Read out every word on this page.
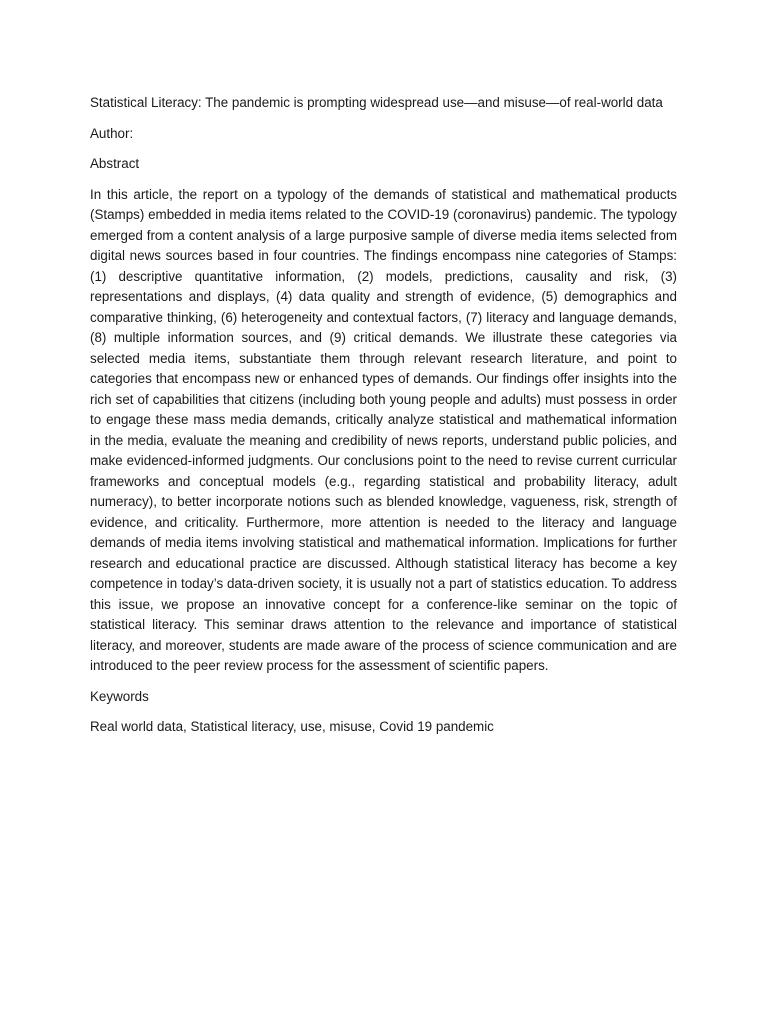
Statistical Literacy: The pandemic is prompting widespread use—and misuse—of real-world data

Author:

Abstract

In this article, the report on a typology of the demands of statistical and mathematical products (Stamps) embedded in media items related to the COVID-19 (coronavirus) pandemic. The typology emerged from a content analysis of a large purposive sample of diverse media items selected from digital news sources based in four countries. The findings encompass nine categories of Stamps: (1) descriptive quantitative information, (2) models, predictions, causality and risk, (3) representations and displays, (4) data quality and strength of evidence, (5) demographics and comparative thinking, (6) heterogeneity and contextual factors, (7) literacy and language demands, (8) multiple information sources, and (9) critical demands. We illustrate these categories via selected media items, substantiate them through relevant research literature, and point to categories that encompass new or enhanced types of demands. Our findings offer insights into the rich set of capabilities that citizens (including both young people and adults) must possess in order to engage these mass media demands, critically analyze statistical and mathematical information in the media, evaluate the meaning and credibility of news reports, understand public policies, and make evidenced-informed judgments. Our conclusions point to the need to revise current curricular frameworks and conceptual models (e.g., regarding statistical and probability literacy, adult numeracy), to better incorporate notions such as blended knowledge, vagueness, risk, strength of evidence, and criticality. Furthermore, more attention is needed to the literacy and language demands of media items involving statistical and mathematical information. Implications for further research and educational practice are discussed. Although statistical literacy has become a key competence in today’s data-driven society, it is usually not a part of statistics education. To address this issue, we propose an innovative concept for a conference-like seminar on the topic of statistical literacy. This seminar draws attention to the relevance and importance of statistical literacy, and moreover, students are made aware of the process of science communication and are introduced to the peer review process for the assessment of scientific papers.

Keywords

Real world data, Statistical literacy, use, misuse, Covid 19 pandemic
